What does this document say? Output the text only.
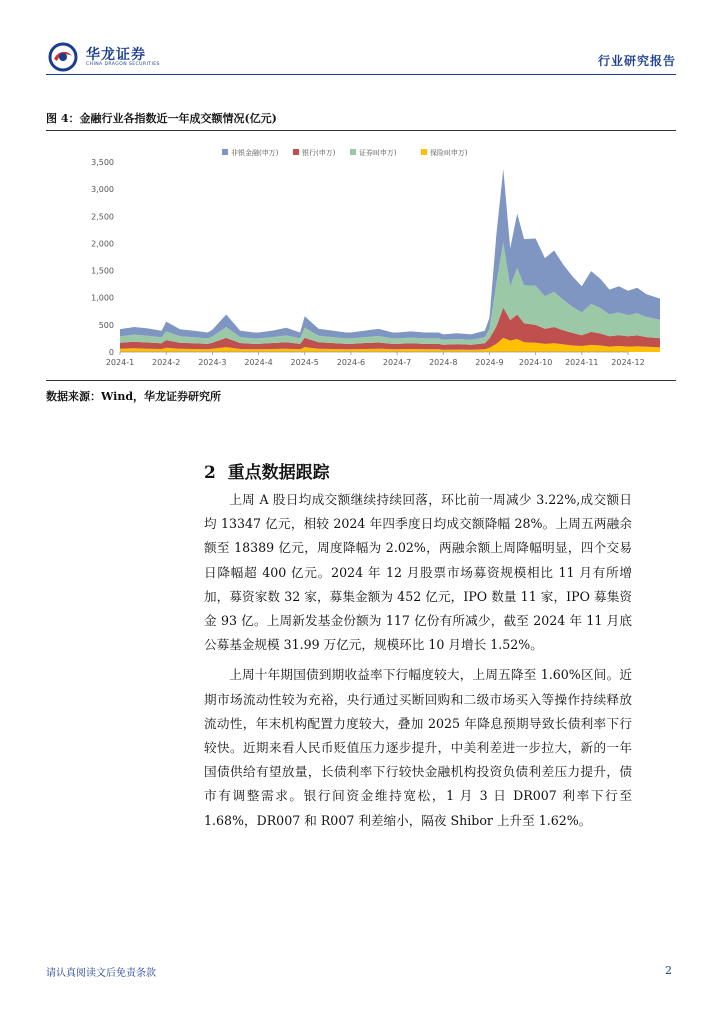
华龙证券
CHINA DRAGON SECURITIES	行业研究报告
图 4：金融行业各指数近一年成交额情况(亿元)
非银金融(申万)	银行(申万)	证券II(申万)	保险II(申万)
0
500
1,000
1,500
2,000
2,500
3,000
3,500
2024-1 2024-2 2024-3 2024-4 2024-5 2024-6 2024-7 2024-8 2024-9 2024-10 2024-11 2024-12
数据来源：Wind，华龙证券研究所
2 重点数据跟踪

上周 A 股日均成交额继续持续回落，环比前一周减少 3.22%,成交额日均 13347 亿元，相较 2024 年四季度日均成交额降幅 28%。上周五两融余额至 18389 亿元，周度降幅为 2.02%，两融余额上周降幅明显，四个交易日降幅超 400 亿元。2024 年 12 月股票市场募资规模相比 11 月有所增加，募资家数 32 家，募集金额为 452 亿元，IPO 数量 11 家，IPO 募集资金 93 亿。上周新发基金份额为 117 亿份有所减少，截至 2024 年 11 月底公募基金规模 31.99 万亿元，规模环比 10 月增长 1.52%。

上周十年期国债到期收益率下行幅度较大，上周五降至 1.60%区间。近期市场流动性较为充裕，央行通过买断回购和二级市场买入等操作持续释放流动性，年末机构配置力度较大，叠加 2025 年降息预期导致长债利率下行较快。近期来看人民币贬值压力逐步提升，中美利差进一步拉大，新的一年国债供给有望放量，长债利率下行较快金融机构投资负债利差压力提升，债市有调整需求。银行间资金维持宽松，1 月 3 日 DR007 利率下行至 1.68%，DR007 和 R007 利差缩小，隔夜 Shibor 上升至 1.62%。

请认真阅读文后免责条款	2
